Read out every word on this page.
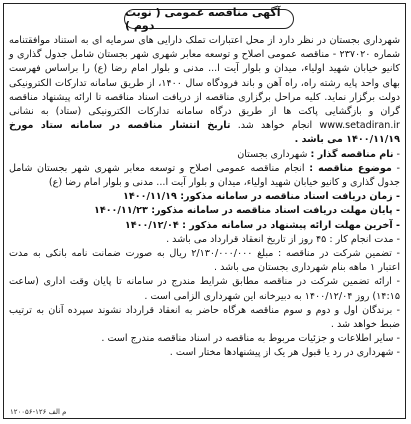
آگهی مناقصه عمومی ( نوبت دوم )

شهرداری بجستان در نظر دارد از محل اعتبارات تملک دارایی های سرمایه ای به استناد موافقتنامه شماره ۲۳۷۰۲۰ - مناقصه عمومی اصلاح و توسعه معابر شهری شهر بجستان شامل جدول گذاری و کانیو خیابان شهید اولیاء، میدان و بلوار آیت ا... مدنی و بلوار امام رضا (ع) را براساس فهرست بهای واحد پایه رشته راه، راه آهن و باند فرودگاه سال ۱۴۰۰، از طریق سامانه تدارکات الکترونیکی دولت برگزار نماید. کلیه مراحل برگزاری مناقصه از دریافت اسناد مناقصه تا ارائه پیشنهاد مناقصه گران و بازگشایی پاکت ها از طریق درگاه سامانه تدارکات الکترونیکی (ستاد) به نشانی www.setadiran.ir انجام خواهد شد. تاریخ انتشار مناقصه در سامانه ستاد مورخ ۱۴۰۰/۱۱/۱۹ می باشد .

- نام مناقصه گذار : شهرداری بجستان

- موضوع مناقصه : انجام مناقصه عمومی اصلاح و توسعه معابر شهری شهر بجستان شامل جدول گذاری و کانیو خیابان شهید اولیاء، میدان و بلوار آیت ا... مدنی و بلوار امام رضا (ع)

- زمان دریافت اسناد مناقصه در سامانه مذکور: ۱۴۰۰/۱۱/۱۹

- پایان مهلت دریافت اسناد مناقصه در سامانه مذکور: ۱۴۰۰/۱۱/۲۳

- آخرین مهلت ارائه پیشنهاد در سامانه مذکور : ۱۴۰۰/۱۲/۰۴

- مدت انجام کار : ۴۵ روز از تاریخ انعقاد قرارداد می باشد .

- تضمین شرکت در مناقصه : مبلغ ۲/۱۳۰/۰۰۰/۰۰۰ ریال به صورت ضمانت نامه بانکی به مدت اعتبار ۱ ماهه بنام شهرداری بجستان می باشد .

- ارائه تضمین شرکت در مناقصه مطابق شرایط مندرج در سامانه تا پایان وقت اداری (ساعت ۱۴:۱۵) روز ۱۴۰۰/۱۲/۰۴ به دبیرخانه این شهرداری الزامی است .

- برندگان اول و دوم و سوم مناقصه هرگاه حاضر به انعقاد قرارداد نشوند سپرده آنان به ترتیب ضبط خواهد شد .

- سایر اطلاعات و جزئیات مربوط به مناقصه در اسناد مناقصه مندرج است .

- شهرداری در رد یا قبول هر یک از پیشنهادها مختار است .

م الف ۱۲۶-۱۲۰۰۵۶
